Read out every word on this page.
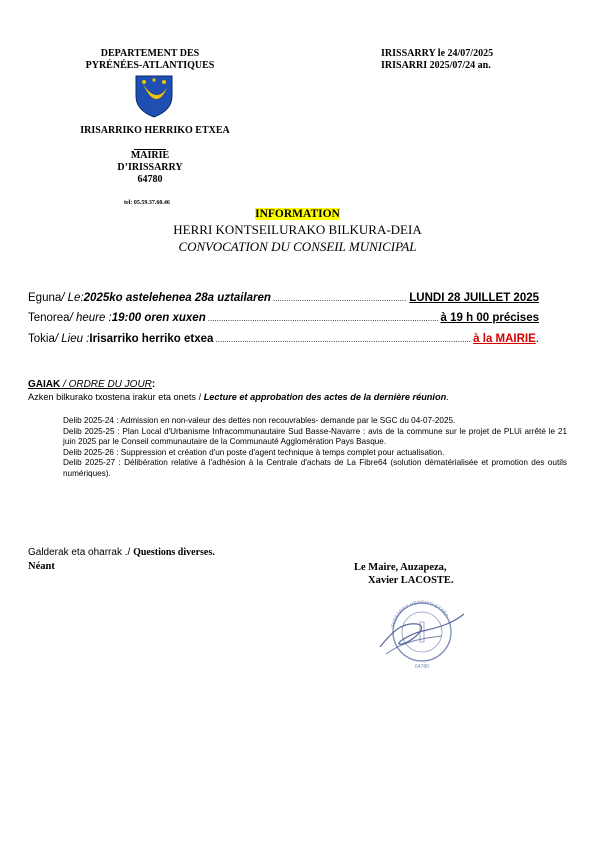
DEPARTEMENT DES
PYRÉNÉES-ATLANTIQUES
IRISSARRY le 24/07/2025
IRISARRI 2025/07/24 an.
IRISARRIKO HERRIKO ETXEA
MAIRIE
D’IRISSARRY
64780
tel: 05.59.37.60.46
INFORMATION
HERRI KONTSEILURAKO BILKURA-DEIA
CONVOCATION DU CONSEIL MUNICIPAL
Eguna / Le: 2025ko astelehenea 28a uztailaren .....	LUNDI 28 JUILLET 2025
Tenorea / heure : 19:00 oren xuxen .....	à 19 h 00 précises
Tokia / Lieu : Irisarriko herriko etxea .....	à la MAIRIE .
GAIAK / ORDRE DU JOUR:
Azken bilkurako txostena irakur eta onets / Lecture et approbation des actes de la dernière réunion.
Delib 2025-24 : Admission en non-valeur des dettes non recouvrables- demande par le SGC du 04-07-2025.
Delib 2025-25 : Plan Local d'Urbanisme Infracommunautaire Sud Basse-Navarre : avis de la commune sur le projet de PLUi arrêté le 21 juin 2025 par le Conseil communautaire de la Communauté Agglomération Pays Basque.
Delib 2025-26 : Suppression et création d'un poste d'agent technique à temps complet pour actualisation.
Delib 2025-27 : Délibération relative à l'adhésion à la Centrale d'achats de La Fibre64 (solution dématérialisée et promotion des outils numériques).
Galderak eta oharrak ./ Questions diverses.
Néant	Le Maire, Auzapeza,
Xavier LACOSTE.
IRISSARRY HERRIKO ETXEA
64780
